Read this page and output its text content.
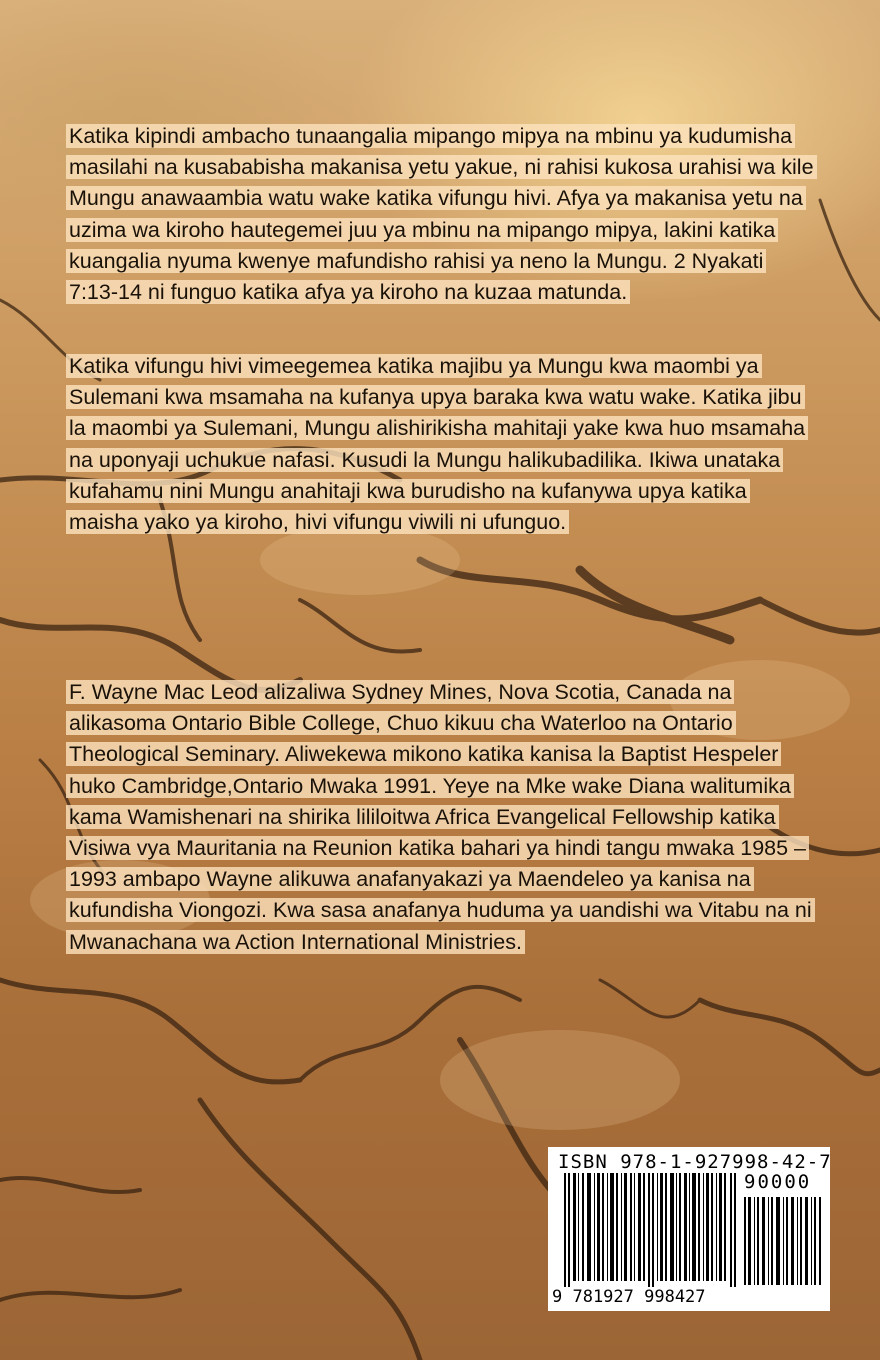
Katika kipindi ambacho tunaangalia mipango mipya na mbinu ya kudumisha masilahi na kusababisha makanisa yetu yakue, ni rahisi kukosa urahisi wa kile Mungu anawaambia watu wake katika vifungu hivi. Afya ya makanisa yetu na uzima wa kiroho hautegemei juu ya mbinu na mipango mipya, lakini katika kuangalia nyuma kwenye mafundisho rahisi ya neno la Mungu. 2 Nyakati 7:13-14 ni funguo katika afya ya kiroho na kuzaa matunda.

Katika vifungu hivi vimeegemea katika majibu ya Mungu kwa maombi ya Sulemani kwa msamaha na kufanya upya baraka kwa watu wake. Katika jibu la maombi ya Sulemani, Mungu alishirikisha mahitaji yake kwa huo msamaha na uponyaji uchukue nafasi. Kusudi la Mungu halikubadilika. Ikiwa unataka kufahamu nini Mungu anahitaji kwa burudisho na kufanywa upya katika maisha yako ya kiroho, hivi vifungu viwili ni ufunguo.

F. Wayne Mac Leod alizaliwa Sydney Mines, Nova Scotia, Canada na alikasoma Ontario Bible College, Chuo kikuu cha Waterloo na Ontario Theological Seminary. Aliwekewa mikono katika kanisa la Baptist Hespeler huko Cambridge,Ontario Mwaka 1991. Yeye na Mke wake Diana walitumika kama Wamishenari na shirika lililoitwa Africa Evangelical Fellowship katika Visiwa vya Mauritania na Reunion katika bahari ya hindi tangu mwaka 1985 – 1993 ambapo Wayne alikuwa anafanyakazi ya Maendeleo ya kanisa na kufundisha Viongozi. Kwa sasa anafanya huduma ya uandishi wa Vitabu na ni Mwanachana wa Action International Ministries.

ISBN 978-1-927998-42-7
90000
9 781927 998427
